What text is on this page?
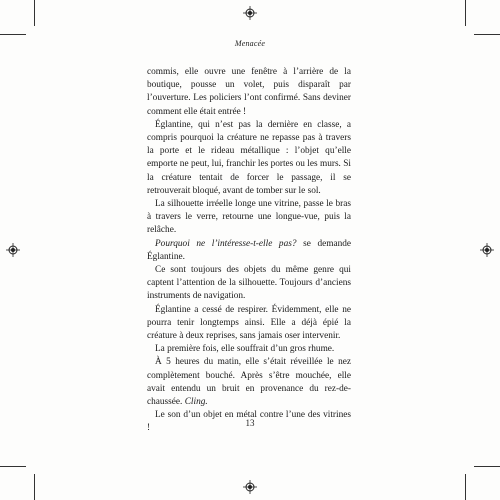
Menacée

commis, elle ouvre une fenêtre à l’arrière de la boutique, pousse un volet, puis disparaît par l’ouverture. Les policiers l’ont confirmé. Sans deviner comment elle était entrée !

Églantine, qui n’est pas la dernière en classe, a compris pourquoi la créature ne repasse pas à travers la porte et le rideau métallique : l’objet qu’elle emporte ne peut, lui, franchir les portes ou les murs. Si la créature tentait de forcer le passage, il se retrouverait bloqué, avant de tomber sur le sol.

La silhouette irréelle longe une vitrine, passe le bras à travers le verre, retourne une longue-vue, puis la relâche.

Pourquoi ne l’intéresse-t-elle pas? se demande Églantine.

Ce sont toujours des objets du même genre qui captent l’attention de la silhouette. Toujours d’anciens instruments de navigation.

Églantine a cessé de respirer. Évidemment, elle ne pourra tenir longtemps ainsi. Elle a déjà épié la créature à deux reprises, sans jamais oser intervenir.

La première fois, elle souffrait d’un gros rhume.

À 5 heures du matin, elle s’était réveillée le nez complètement bouché. Après s’être mouchée, elle avait entendu un bruit en provenance du rez-de-chaussée. Cling.

Le son d’un objet en métal contre l’une des vitrines !

13
